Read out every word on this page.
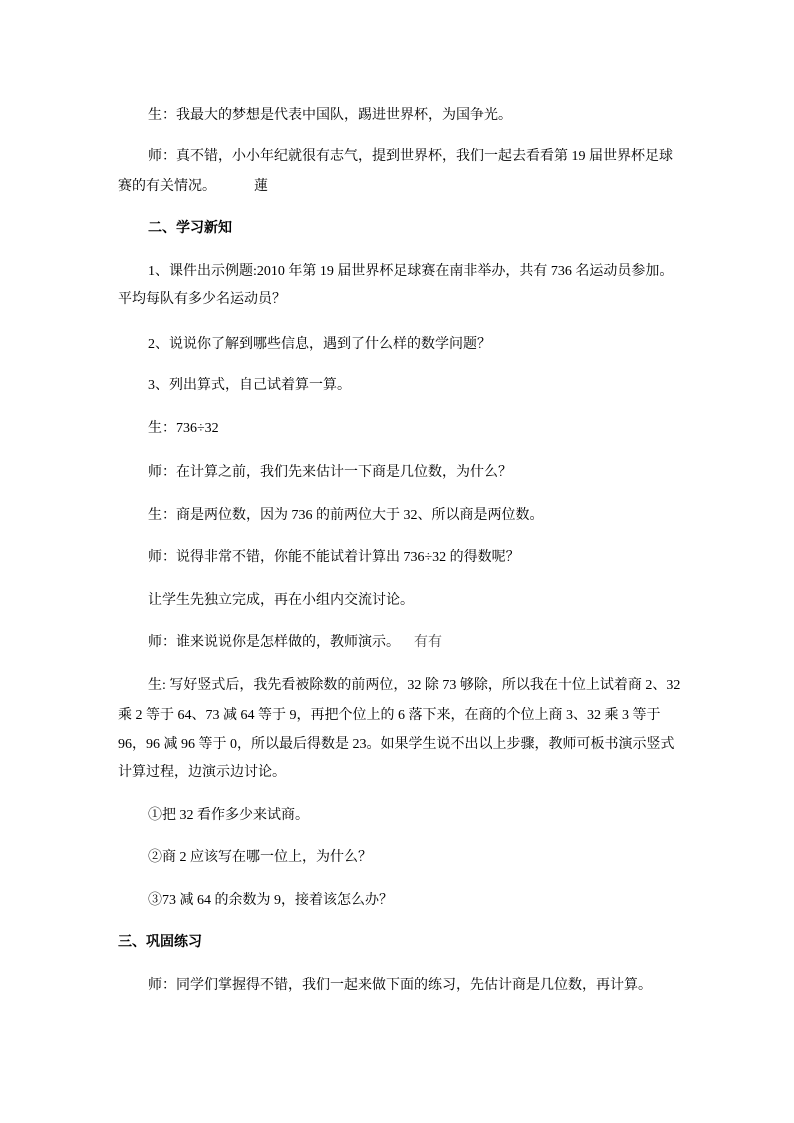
生：我最大的梦想是代表中国队，踢进世界杯，为国争光。
师：真不错，小小年纪就很有志气，提到世界杯，我们一起去看看第 19 届世界杯足球
赛的有关情况。	蓮
二、学习新知
1、课件出示例题:2010 年第 19 届世界杯足球赛在南非举办，共有 736 名运动员参加。
平均每队有多少名运动员？
2、说说你了解到哪些信息，遇到了什么样的数学问题？
3、列出算式，自己试着算一算。
生：736÷32
师：在计算之前，我们先来估计一下商是几位数，为什么？
生：商是两位数，因为 736 的前两位大于 32、所以商是两位数。
师：说得非常不错，你能不能试着计算出 736÷32 的得数呢？
让学生先独立完成，再在小组内交流讨论。
师：谁来说说你是怎样做的，教师演示。 有有
生: 写好竖式后，我先看被除数的前两位，32 除 73 够除，所以我在十位上试着商 2、32
乘 2 等于 64、73 减 64 等于 9，再把个位上的 6 落下来，在商的个位上商 3、32 乘 3 等于
96，96 减 96 等于 0，所以最后得数是 23。如果学生说不出以上步骤，教师可板书演示竖式
计算过程，边演示边讨论。
①把 32 看作多少来试商。
②商 2 应该写在哪一位上，为什么？
③73 减 64 的余数为 9，接着该怎么办？
三、巩固练习
师：同学们掌握得不错，我们一起来做下面的练习，先估计商是几位数，再计算。
